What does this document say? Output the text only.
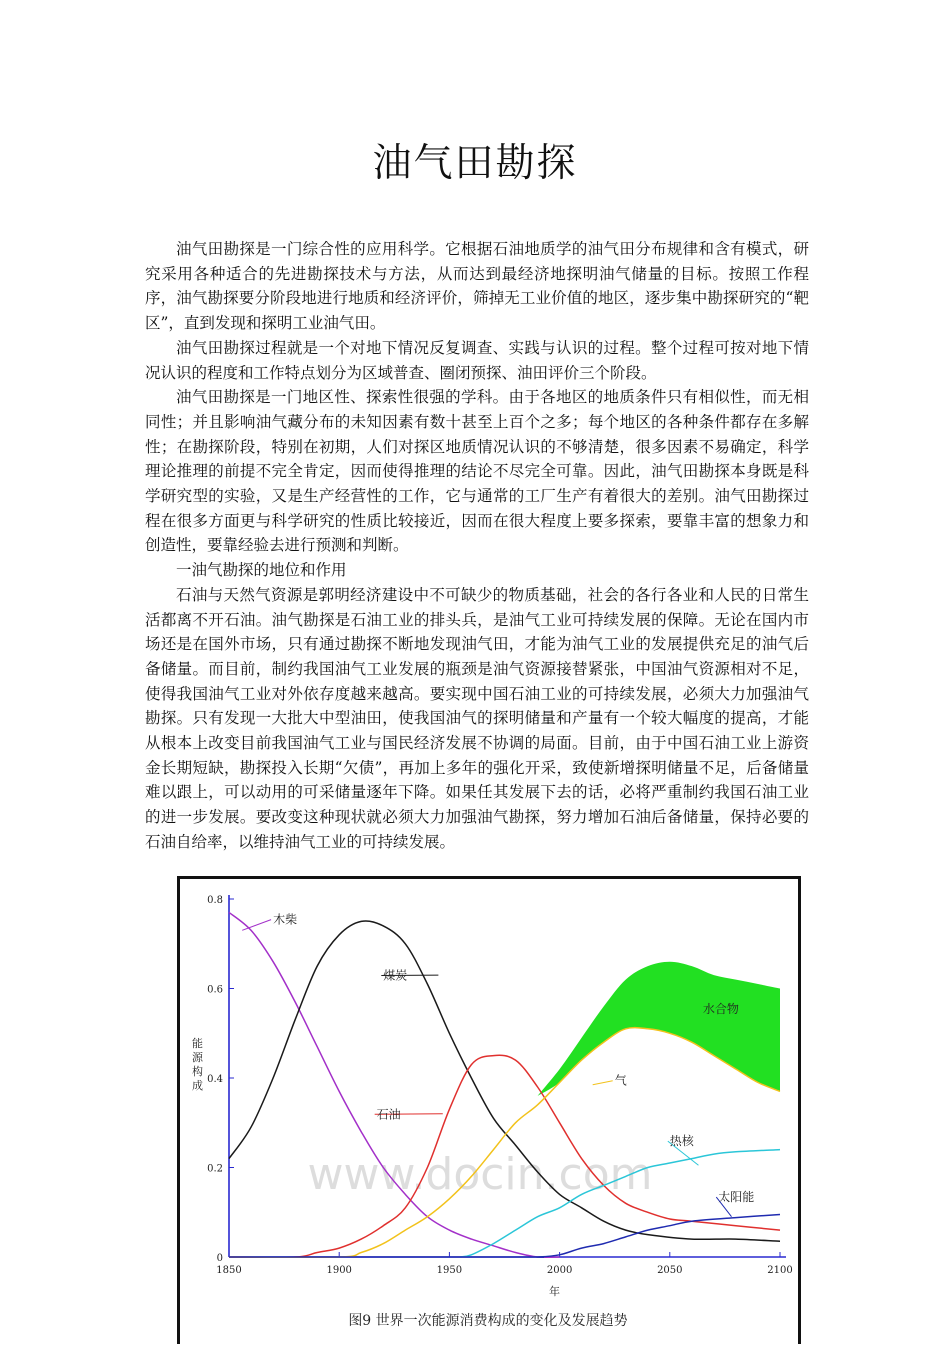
油气田勘探

油气田勘探是一门综合性的应用科学。它根据石油地质学的油气田分布规律和含有模式，研究采用各种适合的先进勘探技术与方法，从而达到最经济地探明油气储量的目标。按照工作程序，油气勘探要分阶段地进行地质和经济评价，筛掉无工业价值的地区，逐步集中勘探研究的“靶区”，直到发现和探明工业油气田。

油气田勘探过程就是一个对地下情况反复调查、实践与认识的过程。整个过程可按对地下情况认识的程度和工作特点划分为区域普查、圈闭预探、油田评价三个阶段。

油气田勘探是一门地区性、探索性很强的学科。由于各地区的地质条件只有相似性，而无相同性；并且影响油气藏分布的未知因素有数十甚至上百个之多；每个地区的各种条件都存在多解性；在勘探阶段，特别在初期，人们对探区地质情况认识的不够清楚，很多因素不易确定，科学理论推理的前提不完全肯定，因而使得推理的结论不尽完全可靠。因此，油气田勘探本身既是科学研究型的实验，又是生产经营性的工作，它与通常的工厂生产有着很大的差别。油气田勘探过程在很多方面更与科学研究的性质比较接近，因而在很大程度上要多探索，要靠丰富的想象力和创造性，要靠经验去进行预测和判断。

一油气勘探的地位和作用

石油与天然气资源是郭明经济建设中不可缺少的物质基础，社会的各行各业和人民的日常生活都离不开石油。油气勘探是石油工业的排头兵，是油气工业可持续发展的保障。无论在国内市场还是在国外市场，只有通过勘探不断地发现油气田，才能为油气工业的发展提供充足的油气后备储量。而目前，制约我国油气工业发展的瓶颈是油气资源接替紧张，中国油气资源相对不足，使得我国油气工业对外依存度越来越高。要实现中国石油工业的可持续发展，必须大力加强油气勘探。只有发现一大批大中型油田，使我国油气的探明储量和产量有一个较大幅度的提高，才能从根本上改变目前我国油气工业与国民经济发展不协调的局面。目前，由于中国石油工业上游资金长期短缺，勘探投入长期“欠债”，再加上多年的强化开采，致使新增探明储量不足，后备储量难以跟上，可以动用的可采储量逐年下降。如果任其发展下去的话，必将严重制约我国石油工业的进一步发展。要改变这种现状就必须大力加强油气勘探，努力增加石油后备储量，保持必要的石油自给率，以维持油气工业的可持续发展。

www.docin.com
0
0.2
0.4
0.6
0.8
1850	1900	1950	2000	2050	2100
年
能源构成
木柴
煤炭
石油
气
热核
太阳能
水合物
图9 世界一次能源消费构成的变化及发展趋势
